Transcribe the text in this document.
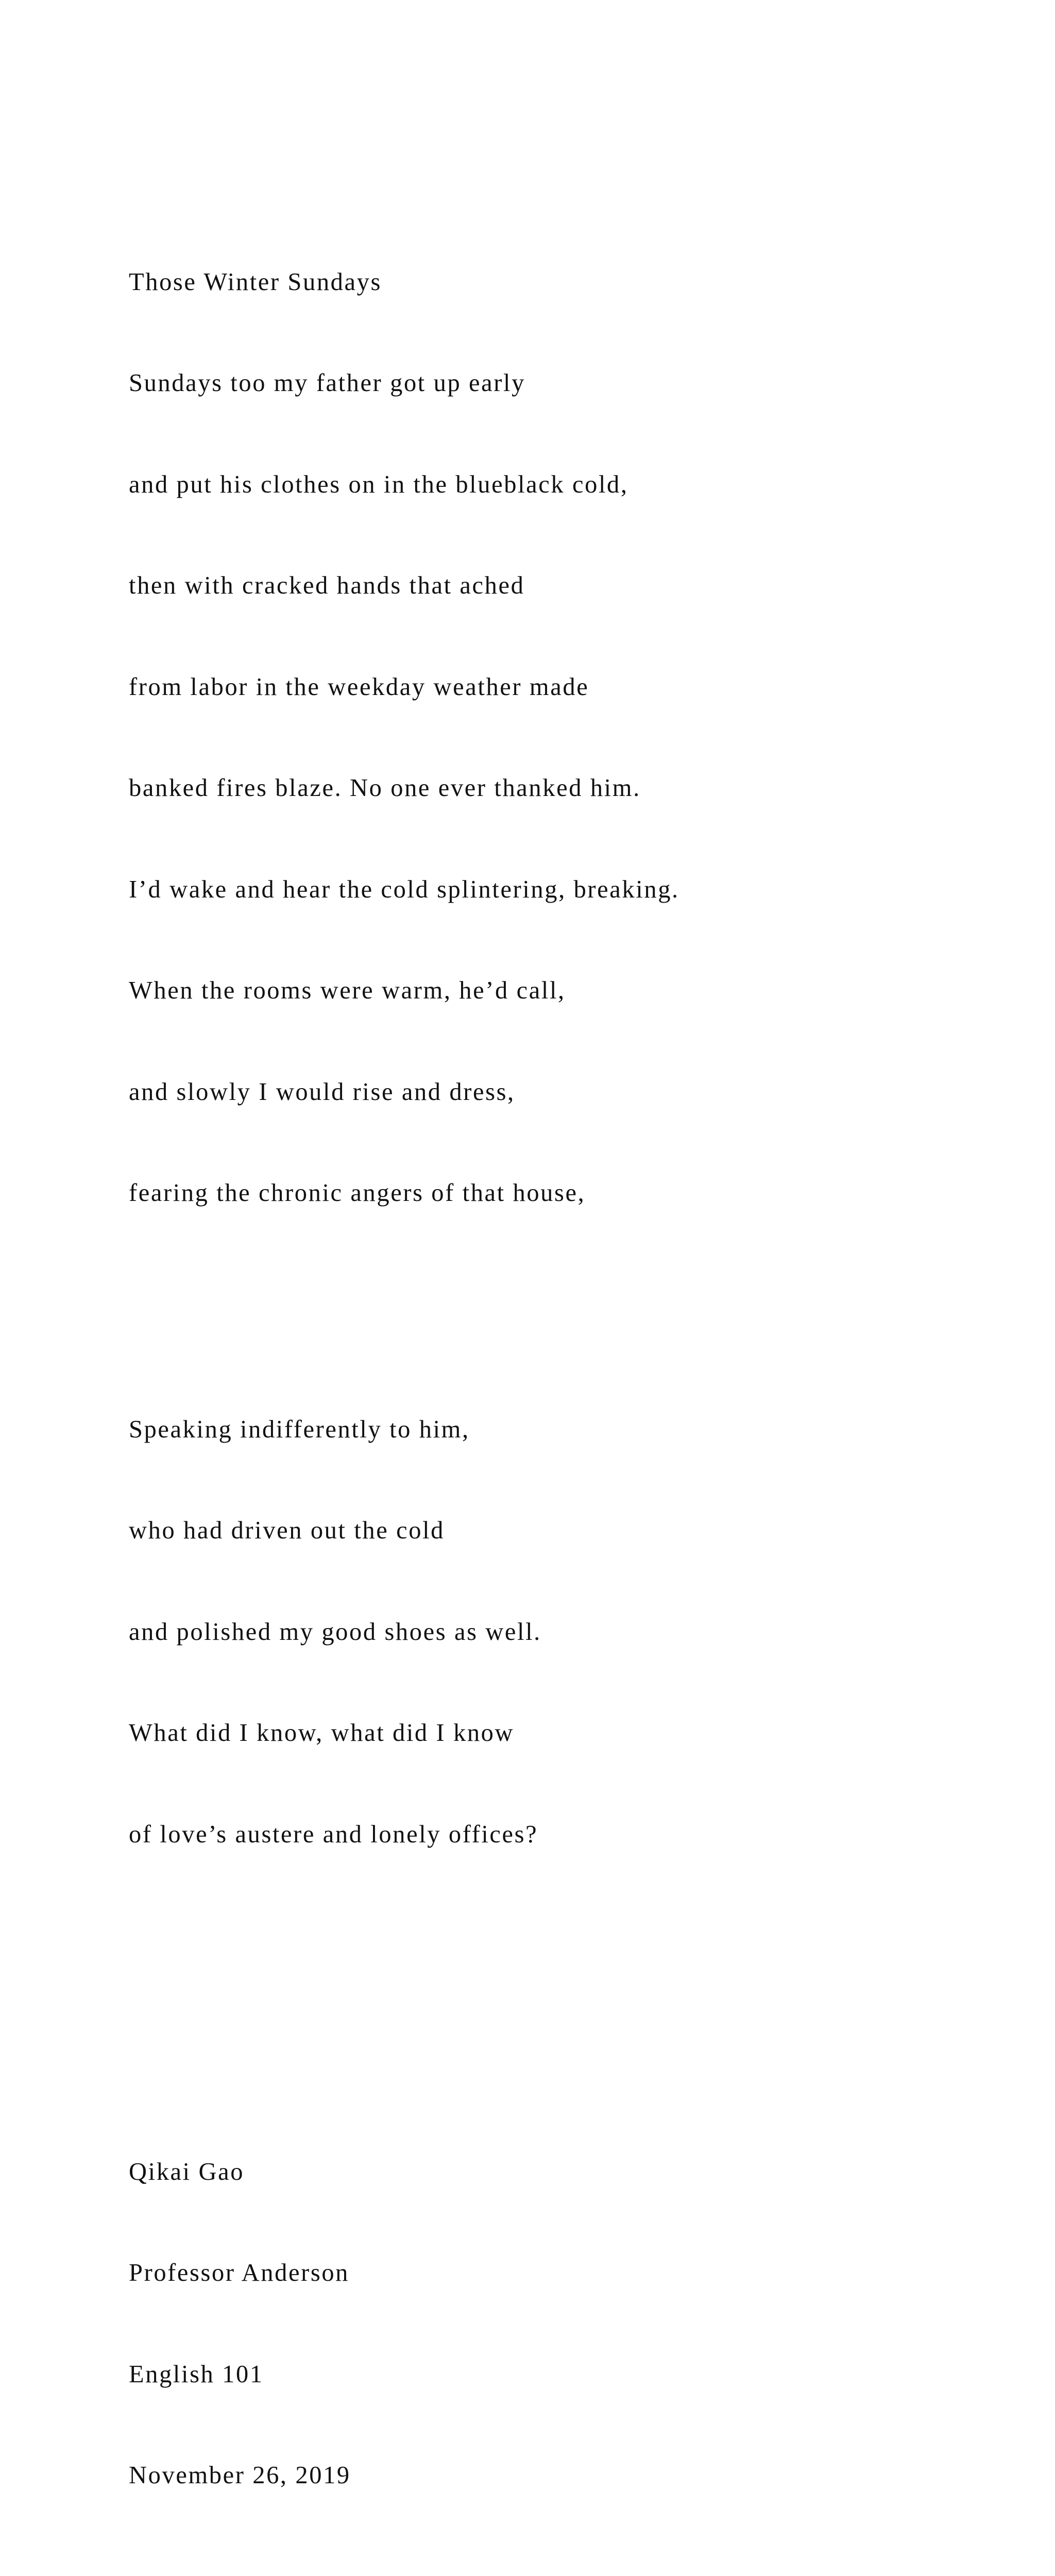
Those Winter Sundays

Sundays too my father got up early

and put his clothes on in the blueblack cold,

then with cracked hands that ached

from labor in the weekday weather made

banked fires blaze. No one ever thanked him.

I’d wake and hear the cold splintering, breaking.

When the rooms were warm, he’d call,

and slowly I would rise and dress,

fearing the chronic angers of that house,

Speaking indifferently to him,

who had driven out the cold

and polished my good shoes as well.

What did I know, what did I know

of love’s austere and lonely offices?

Qikai Gao

Professor Anderson

English 101

November 26, 2019
